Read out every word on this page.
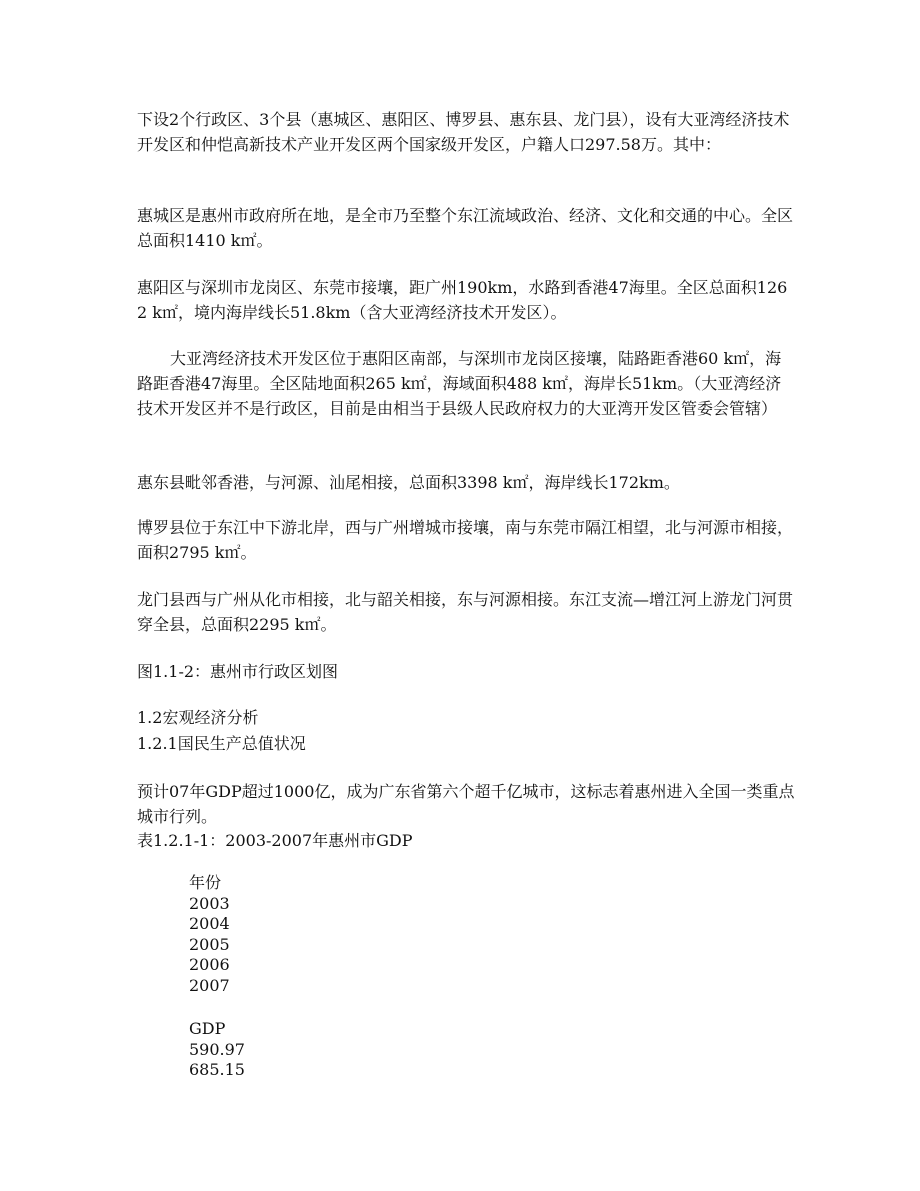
下设2个行政区、3个县（惠城区、惠阳区、博罗县、惠东县、龙门县），设有大亚湾经济技术开发区和仲恺高新技术产业开发区两个国家级开发区，户籍人口297.58万。其中：
惠城区是惠州市政府所在地，是全市乃至整个东江流域政治、经济、文化和交通的中心。全区总面积1410 k㎡。
惠阳区与深圳市龙岗区、东莞市接壤，距广州190km，水路到香港47海里。全区总面积1262 k㎡，境内海岸线长51.8km（含大亚湾经济技术开发区）。
大亚湾经济技术开发区位于惠阳区南部，与深圳市龙岗区接壤，陆路距香港60 k㎡，海路距香港47海里。全区陆地面积265 k㎡，海域面积488 k㎡，海岸长51km。（大亚湾经济技术开发区并不是行政区，目前是由相当于县级人民政府权力的大亚湾开发区管委会管辖）
惠东县毗邻香港，与河源、汕尾相接，总面积3398 k㎡，海岸线长172km。
博罗县位于东江中下游北岸，西与广州增城市接壤，南与东莞市隔江相望，北与河源市相接，面积2795 k㎡。
龙门县西与广州从化市相接，北与韶关相接，东与河源相接。东江支流—增江河上游龙门河贯穿全县，总面积2295 k㎡。
图1.1-2：惠州市行政区划图
1.2宏观经济分析
1.2.1国民生产总值状况
预计07年GDP超过1000亿，成为广东省第六个超千亿城市，这标志着惠州进入全国一类重点城市行列。
表1.2.1-1：2003-2007年惠州市GDP
年份
2003
2004
2005
2006
2007
GDP
590.97
685.15
